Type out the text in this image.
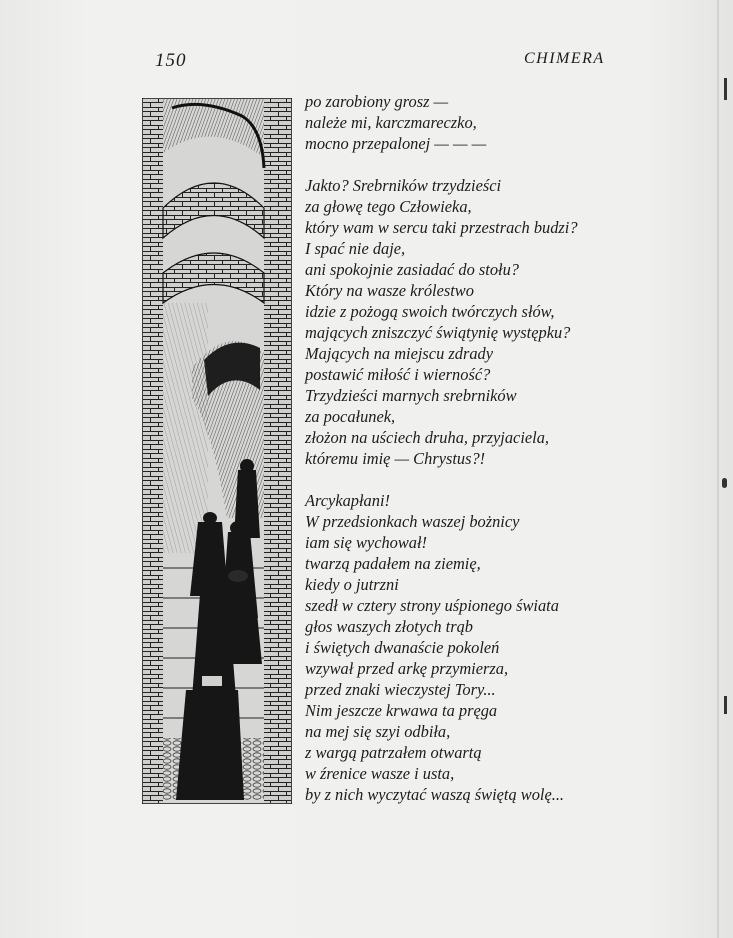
150	CHIMERA
po zarobiony grosz —
należe mi, karczmareczko,
mocno przepalonej — — —
Jakto? Srebrników trzydzieści
za głowę tego Człowieka,
który wam w sercu taki przestrach budzi?
I spać nie daje,
ani spokojnie zasiadać do stołu?
Który na wasze królestwo
idzie z pożogą swoich twórczych słów,
mających zniszczyć świątynię występku?
Mających na miejscu zdrady
postawić miłość i wierność?
Trzydzieści marnych srebrników
za pocałunek,
złożon na uściech druha, przyjaciela,
któremu imię — Chrystus?!
Arcykapłani!
W przedsionkach waszej bożnicy
iam się wychował!
twarzą padałem na ziemię,
kiedy o jutrzni
szedł w cztery strony uśpionego świata
głos waszych złotych trąb
i świętych dwanaście pokoleń
wzywał przed arkę przymierza,
przed znaki wieczystej Tory...
Nim jeszcze krwawa ta pręga
na mej się szyi odbiła,
z wargą patrzałem otwartą
w źrenice wasze i usta,
by z nich wyczytać waszą świętą wolę...
